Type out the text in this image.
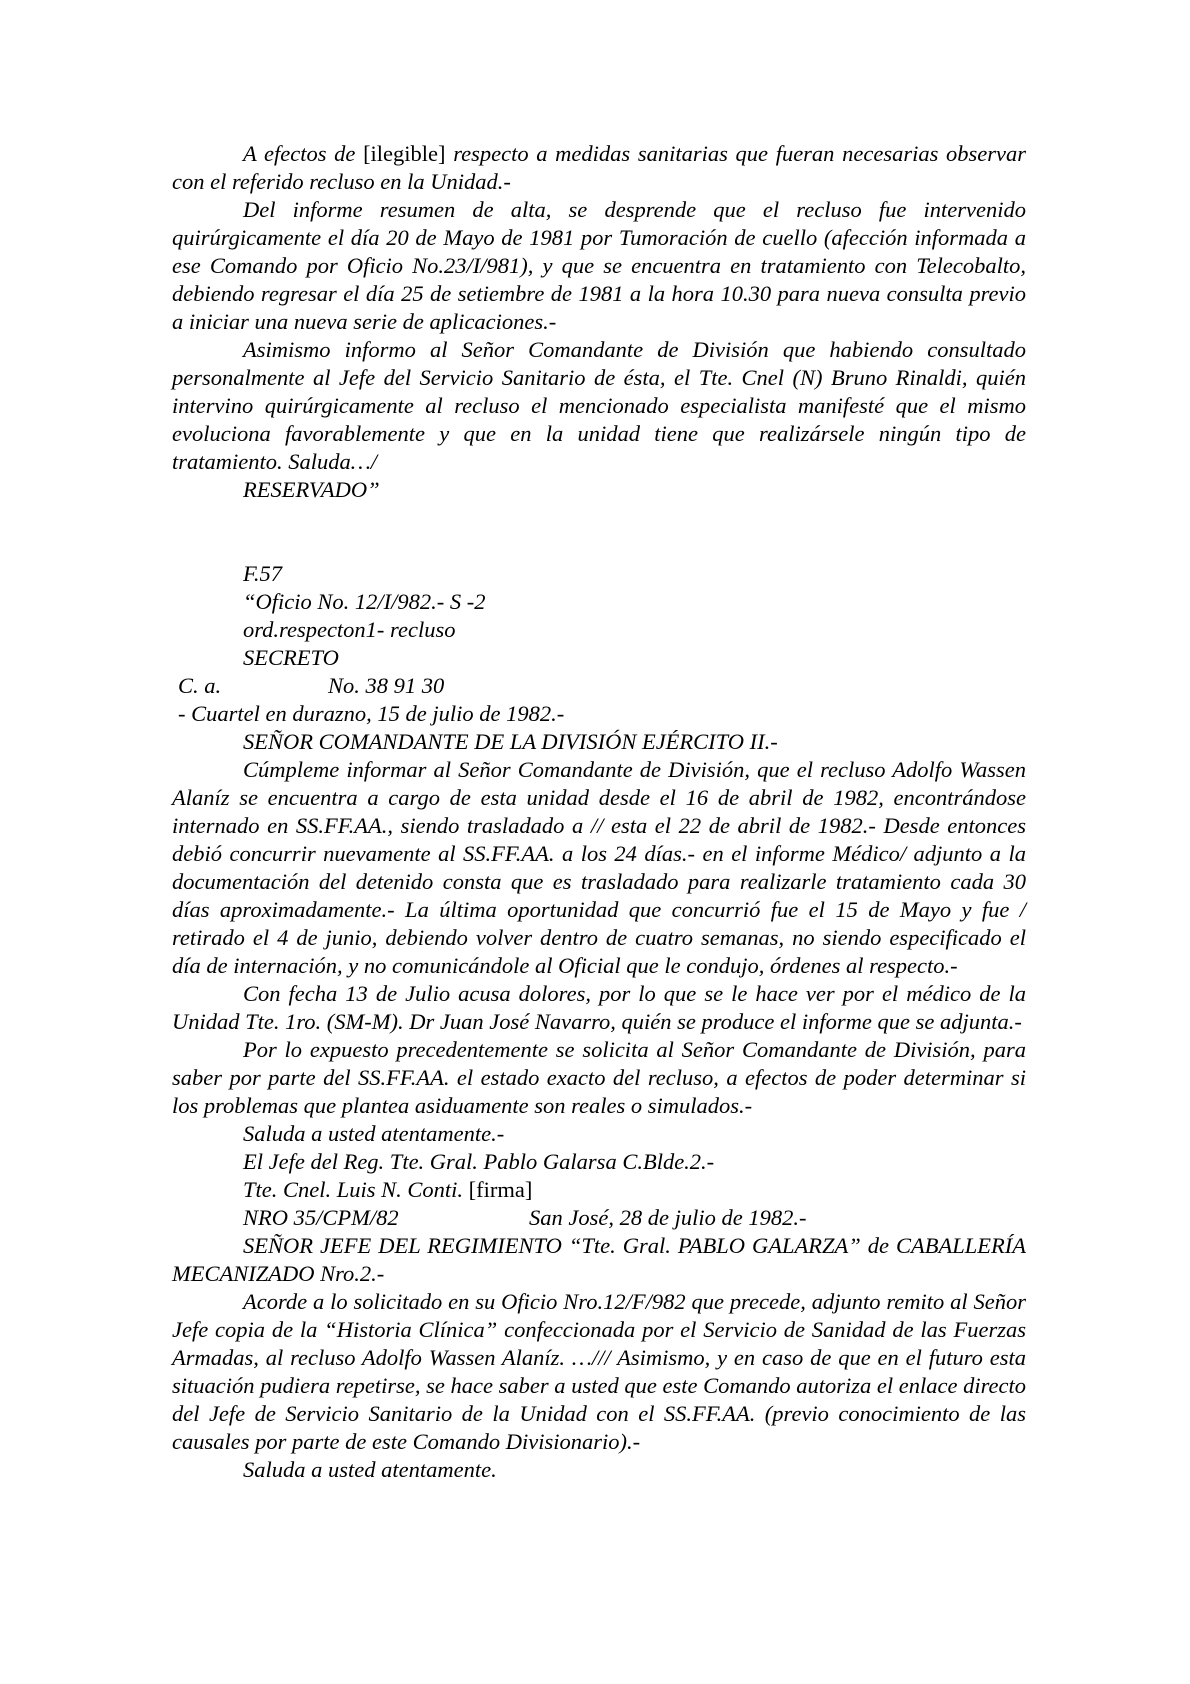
A efectos de [ilegible] respecto a medidas sanitarias que fueran necesarias observar con el referido recluso en la Unidad.-

Del informe resumen de alta, se desprende que el recluso fue intervenido quirúrgicamente el día 20 de Mayo de 1981 por Tumoración de cuello (afección informada a ese Comando por Oficio No.23/I/981), y que se encuentra en tratamiento con Telecobalto, debiendo regresar el día 25 de setiembre de 1981 a la hora 10.30 para nueva consulta previo a iniciar una nueva serie de aplicaciones.-

Asimismo informo al Señor Comandante de División que habiendo consultado personalmente al Jefe del Servicio Sanitario de ésta, el Tte. Cnel (N) Bruno Rinaldi, quién intervino quirúrgicamente al recluso el mencionado especialista manifesté que el mismo evoluciona favorablemente y que en la unidad tiene que realizársele ningún tipo de tratamiento. Saluda…/

RESERVADO”

F.57

“Oficio No. 12/I/982.- S -2

ord.respecton1- recluso

SECRETO

C. a.	No. 38 91 30

- Cuartel en durazno, 15 de julio de 1982.-

SEÑOR COMANDANTE DE LA DIVISIÓN EJÉRCITO II.-

Cúmpleme informar al Señor Comandante de División, que el recluso Adolfo Wassen Alaníz se encuentra a cargo de esta unidad desde el 16 de abril de 1982, encontrándose internado en SS.FF.AA., siendo trasladado a // esta el 22 de abril de 1982.- Desde entonces debió concurrir nuevamente al SS.FF.AA. a los 24 días.- en el informe Médico/ adjunto a la documentación del detenido consta que es trasladado para realizarle tratamiento cada 30 días aproximadamente.- La última oportunidad que concurrió fue el 15 de Mayo y fue / retirado el 4 de junio, debiendo volver dentro de cuatro semanas, no siendo especificado el día de internación, y no comunicándole al Oficial que le condujo, órdenes al respecto.-

Con fecha 13 de Julio acusa dolores, por lo que se le hace ver por el médico de la Unidad Tte. 1ro. (SM-M). Dr Juan José Navarro, quién se produce el informe que se adjunta.-

Por lo expuesto precedentemente se solicita al Señor Comandante de División, para saber por parte del SS.FF.AA. el estado exacto del recluso, a efectos de poder determinar si los problemas que plantea asiduamente son reales o simulados.-

Saluda a usted atentamente.-

El Jefe del Reg. Tte. Gral. Pablo Galarsa C.Blde.2.-

Tte. Cnel. Luis N. Conti. [firma]

NRO 35/CPM/82	San José, 28 de julio de 1982.-

SEÑOR JEFE DEL REGIMIENTO “Tte. Gral. PABLO GALARZA” de CABALLERÍA MECANIZADO Nro.2.-

Acorde a lo solicitado en su Oficio Nro.12/F/982 que precede, adjunto remito al Señor Jefe copia de la “Historia Clínica” confeccionada por el Servicio de Sanidad de las Fuerzas Armadas, al recluso Adolfo Wassen Alaníz. …/// Asimismo, y en caso de que en el futuro esta situación pudiera repetirse, se hace saber a usted que este Comando autoriza el enlace directo del Jefe de Servicio Sanitario de la Unidad con el SS.FF.AA. (previo conocimiento de las causales por parte de este Comando Divisionario).-

Saluda a usted atentamente.
